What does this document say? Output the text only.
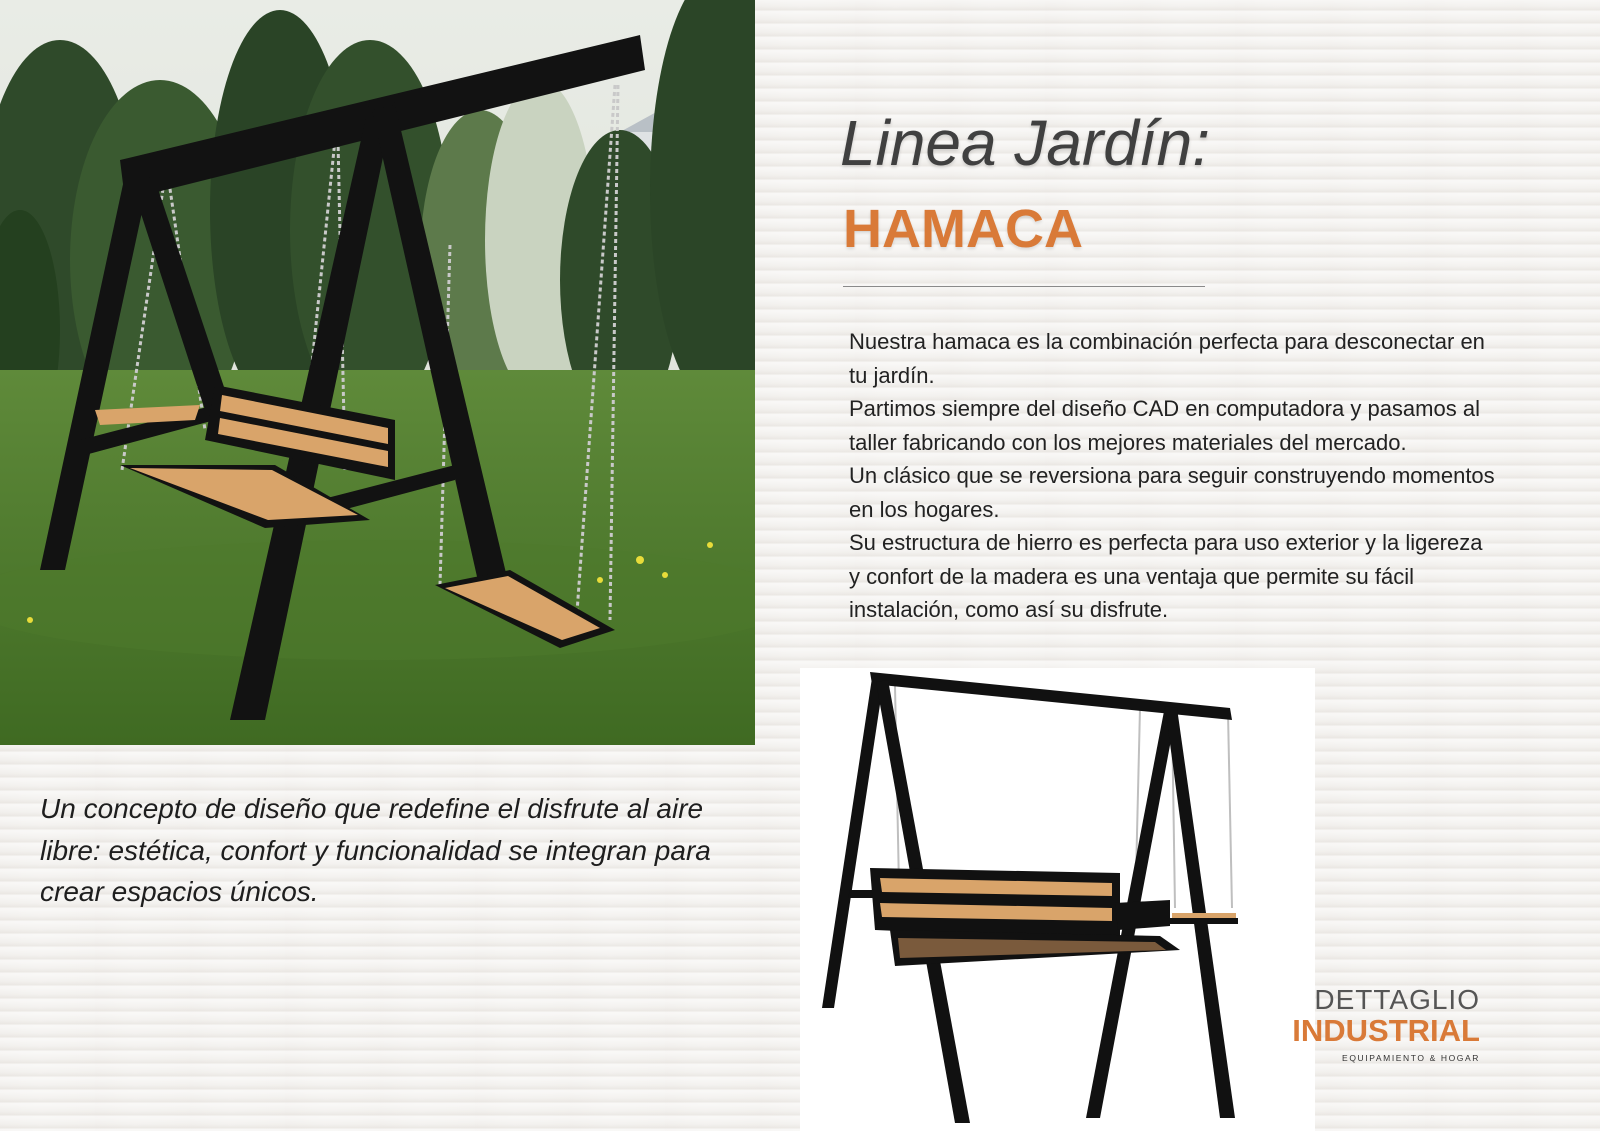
Linea Jardín:
HAMACA

Nuestra hamaca es la combinación perfecta para desconectar en tu jardín.

Partimos siempre del diseño CAD en computadora y pasamos al taller fabricando con los mejores materiales del mercado.

Un clásico que se reversiona para seguir construyendo momentos en los hogares.

Su estructura de hierro es perfecta para uso exterior y la ligereza y confort de la madera es una ventaja que permite su fácil instalación, como así su disfrute.

Un concepto de diseño que redefine el disfrute al aire libre: estética, confort y funcionalidad se integran para crear espacios únicos.

DETTAGLIO
INDUSTRIAL
EQUIPAMIENTO & HOGAR
